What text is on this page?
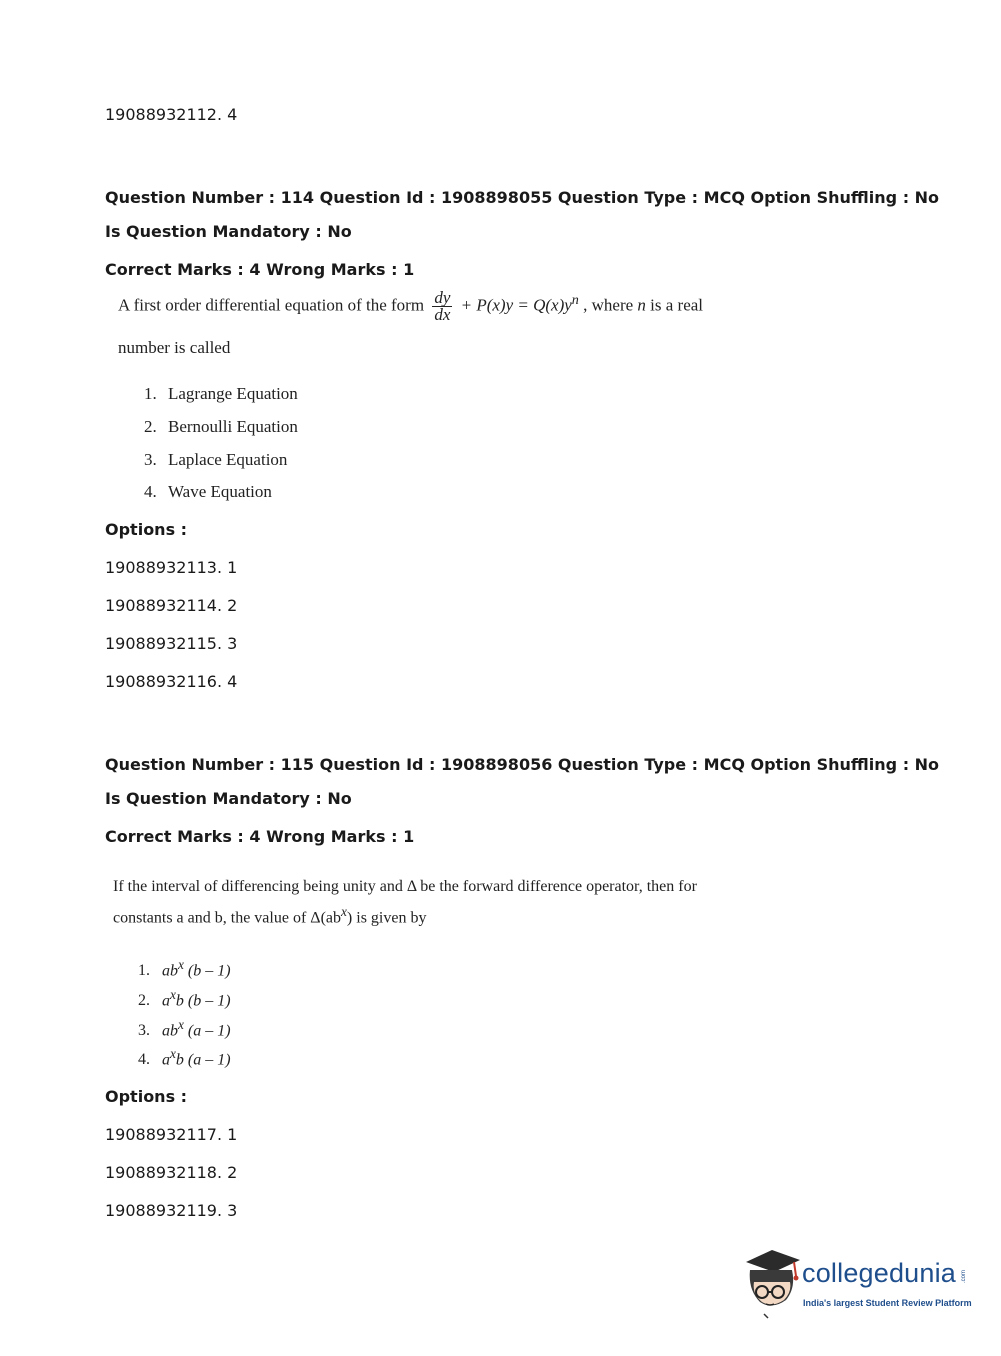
19088932112. 4
Question Number : 114 Question Id : 1908898055 Question Type : MCQ Option Shuffling : No
Is Question Mandatory : No
Correct Marks : 4 Wrong Marks : 1
A first order differential equation of the form $\frac{dy}{dx} + P(x)y = Q(x)y^n$ , where n is a real
number is called
1. Lagrange Equation
2. Bernoulli Equation
3. Laplace Equation
4. Wave Equation
Options :
19088932113. 1
19088932114. 2
19088932115. 3
19088932116. 4
Question Number : 115 Question Id : 1908898056 Question Type : MCQ Option Shuffling : No
Is Question Mandatory : No
Correct Marks : 4 Wrong Marks : 1
If the interval of differencing being unity and Δ be the forward difference operator, then for
constants a and b, the value of $\Delta(ab^x)$ is given by
1. $ab^x$ (b – 1)
2. $a^xb$ (b – 1)
3. $ab^x$ (a – 1)
4. $a^xb$ (a – 1)
Options :
19088932117. 1
19088932118. 2
19088932119. 3
collegedunia .com
India's largest Student Review Platform
